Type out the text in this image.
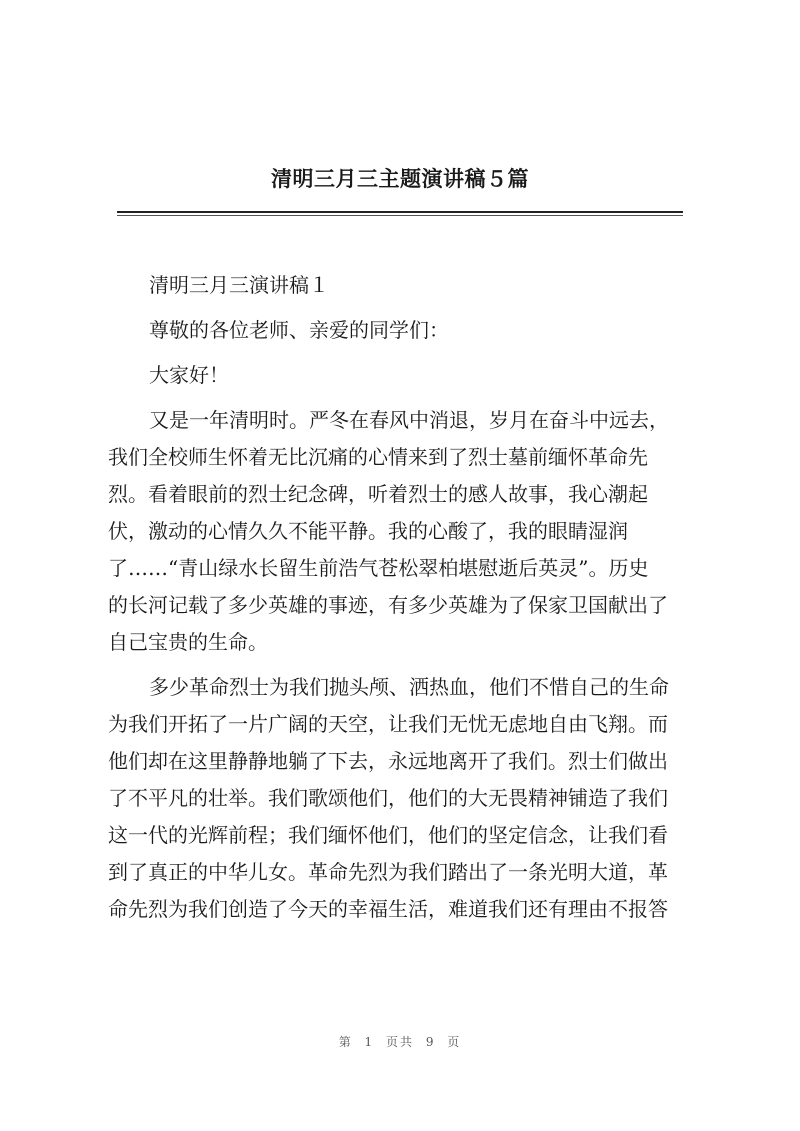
清明三月三主题演讲稿５篇
清明三月三演讲稿１
尊敬的各位老师、亲爱的同学们：
大家好！
又是一年清明时。严冬在春风中消退，岁月在奋斗中远去，
我们全校师生怀着无比沉痛的心情来到了烈士墓前缅怀革命先
烈。看着眼前的烈士纪念碑，听着烈士的感人故事，我心潮起
伏，激动的心情久久不能平静。我的心酸了，我的眼睛湿润
了……“青山绿水长留生前浩气苍松翠柏堪慰逝后英灵”。历史
的长河记载了多少英雄的事迹，有多少英雄为了保家卫国献出了
自己宝贵的生命。
多少革命烈士为我们抛头颅、洒热血，他们不惜自己的生命
为我们开拓了一片广阔的天空，让我们无忧无虑地自由飞翔。而
他们却在这里静静地躺了下去，永远地离开了我们。烈士们做出
了不平凡的壮举。我们歌颂他们，他们的大无畏精神铺造了我们
这一代的光辉前程；我们缅怀他们，他们的坚定信念，让我们看
到了真正的中华儿女。革命先烈为我们踏出了一条光明大道，革
命先烈为我们创造了今天的幸福生活，难道我们还有理由不报答
第 1 页共 9 页
